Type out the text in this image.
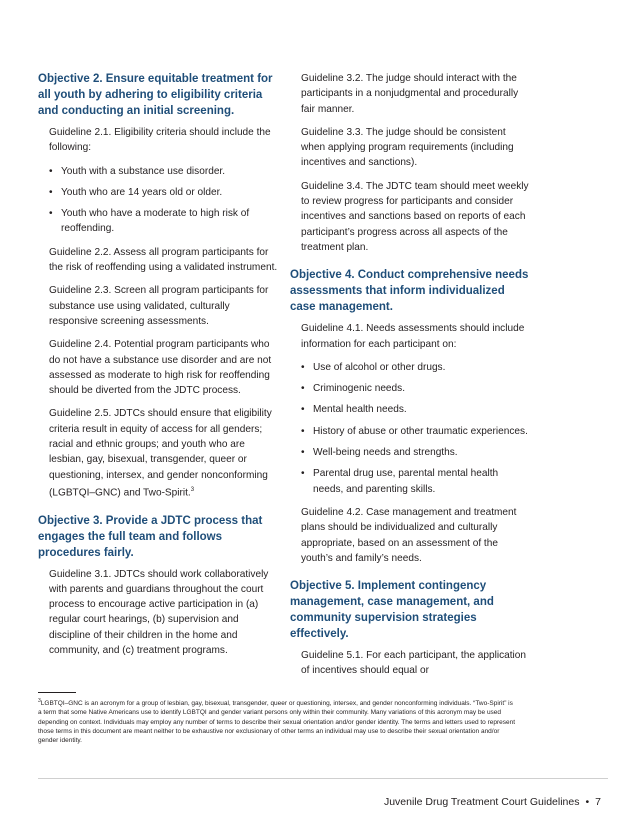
Objective 2. Ensure equitable treatment for all youth by adhering to eligibility criteria and conducting an initial screening.

Guideline 2.1. Eligibility criteria should include the following:

• Youth with a substance use disorder.
• Youth who are 14 years old or older.
• Youth who have a moderate to high risk of reoffending.

Guideline 2.2. Assess all program participants for the risk of reoffending using a validated instrument.

Guideline 2.3. Screen all program participants for substance use using validated, culturally responsive screening assessments.

Guideline 2.4. Potential program participants who do not have a substance use disorder and are not assessed as moderate to high risk for reoffending should be diverted from the JDTC process.

Guideline 2.5. JDTCs should ensure that eligibility criteria result in equity of access for all genders; racial and ethnic groups; and youth who are lesbian, gay, bisexual, transgender, queer or questioning, intersex, and gender nonconforming (LGBTQI–GNC) and Two-Spirit.$^3$

Objective 3. Provide a JDTC process that engages the full team and follows procedures fairly.

Guideline 3.1. JDTCs should work collaboratively with parents and guardians throughout the court process to encourage active participation in (a) regular court hearings, (b) supervision and discipline of their children in the home and community, and (c) treatment programs.

Guideline 3.2. The judge should interact with the participants in a nonjudgmental and procedurally fair manner.

Guideline 3.3. The judge should be consistent when applying program requirements (including incentives and sanctions).

Guideline 3.4. The JDTC team should meet weekly to review progress for participants and consider incentives and sanctions based on reports of each participant’s progress across all aspects of the treatment plan.

Objective 4. Conduct comprehensive needs assessments that inform individualized case management.

Guideline 4.1. Needs assessments should include information for each participant on:

• Use of alcohol or other drugs.
• Criminogenic needs.
• Mental health needs.
• History of abuse or other traumatic experiences.
• Well-being needs and strengths.
• Parental drug use, parental mental health needs, and parenting skills.

Guideline 4.2. Case management and treatment plans should be individualized and culturally appropriate, based on an assessment of the youth’s and family’s needs.

Objective 5. Implement contingency management, case management, and community supervision strategies effectively.

Guideline 5.1. For each participant, the application of incentives should equal or

$^3$LGBTQI–GNC is an acronym for a group of lesbian, gay, bisexual, transgender, queer or questioning, intersex, and gender nonconforming individuals. “Two-Spirit” is a term that some Native Americans use to identify LGBTQI and gender variant persons only within their community. Many variations of this acronym may be used depending on context. Individuals may employ any number of terms to describe their sexual orientation and/or gender identity. The terms and letters used to represent those terms in this document are meant neither to be exhaustive nor exclusionary of other terms an individual may use to describe their sexual orientation and/or gender identity.
Juvenile Drug Treatment Court Guidelines • 7
